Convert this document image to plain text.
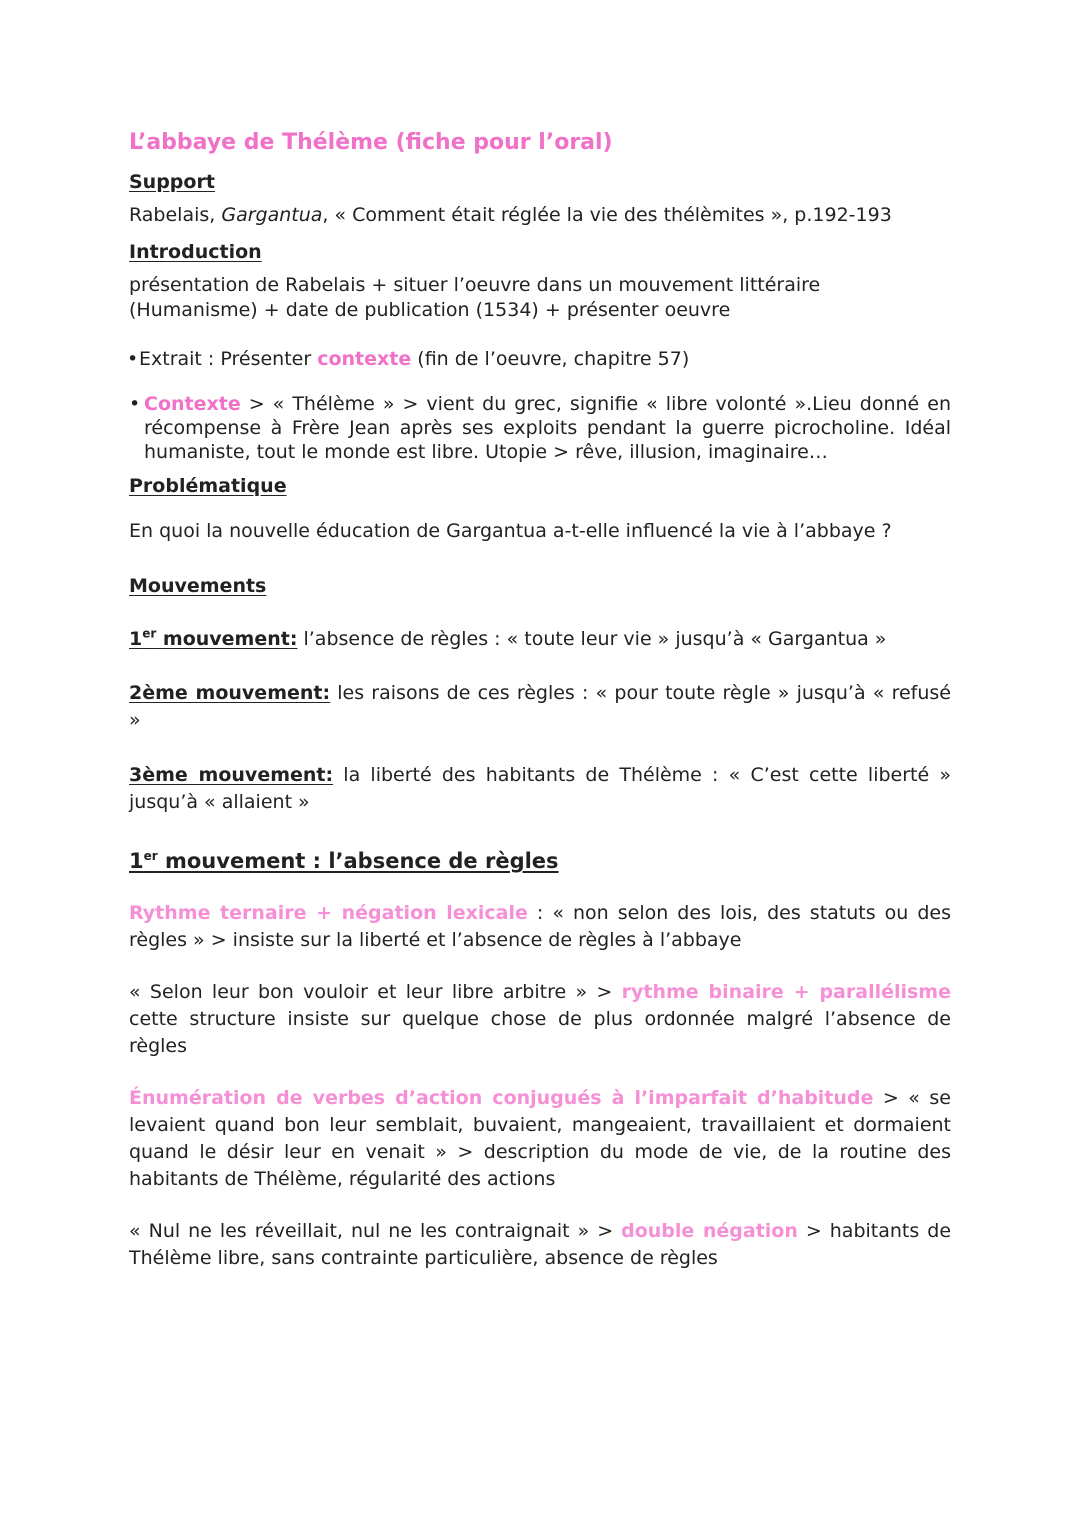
L’abbaye de Thélème (fiche pour l’oral)
Support

Rabelais, Gargantua, « Comment était réglée la vie des thélèmites », p.192-193

Introduction

présentation de Rabelais + situer l’oeuvre dans un mouvement littéraire (Humanisme) + date de publication (1534) + présenter oeuvre

• Extrait : Présenter contexte (fin de l’oeuvre, chapitre 57)
• Contexte > « Thélème » > vient du grec, signifie « libre volonté ».Lieu donné en récompense à Frère Jean après ses exploits pendant la guerre picrocholine. Idéal humaniste, tout le monde est libre. Utopie > rêve, illusion, imaginaire…
Problématique

En quoi la nouvelle éducation de Gargantua a-t-elle influencé la vie à l’abbaye ?

Mouvements

1er mouvement: l’absence de règles : « toute leur vie » jusqu’à « Gargantua »

2ème mouvement: les raisons de ces règles : « pour toute règle » jusqu’à « refusé »

3ème mouvement: la liberté des habitants de Thélème : « C’est cette liberté » jusqu’à « allaient »

1er mouvement : l’absence de règles

Rythme ternaire + négation lexicale : « non selon des lois, des statuts ou des règles » > insiste sur la liberté et l’absence de règles à l’abbaye

« Selon leur bon vouloir et leur libre arbitre » > rythme binaire + parallélisme cette structure insiste sur quelque chose de plus ordonnée malgré l’absence de règles

Énumération de verbes d’action conjugués à l’imparfait d’habitude > « se levaient quand bon leur semblait, buvaient, mangeaient, travaillaient et dormaient quand le désir leur en venait » > description du mode de vie, de la routine des habitants de Thélème, régularité des actions

« Nul ne les réveillait, nul ne les contraignait » > double négation > habitants de Thélème libre, sans contrainte particulière, absence de règles
